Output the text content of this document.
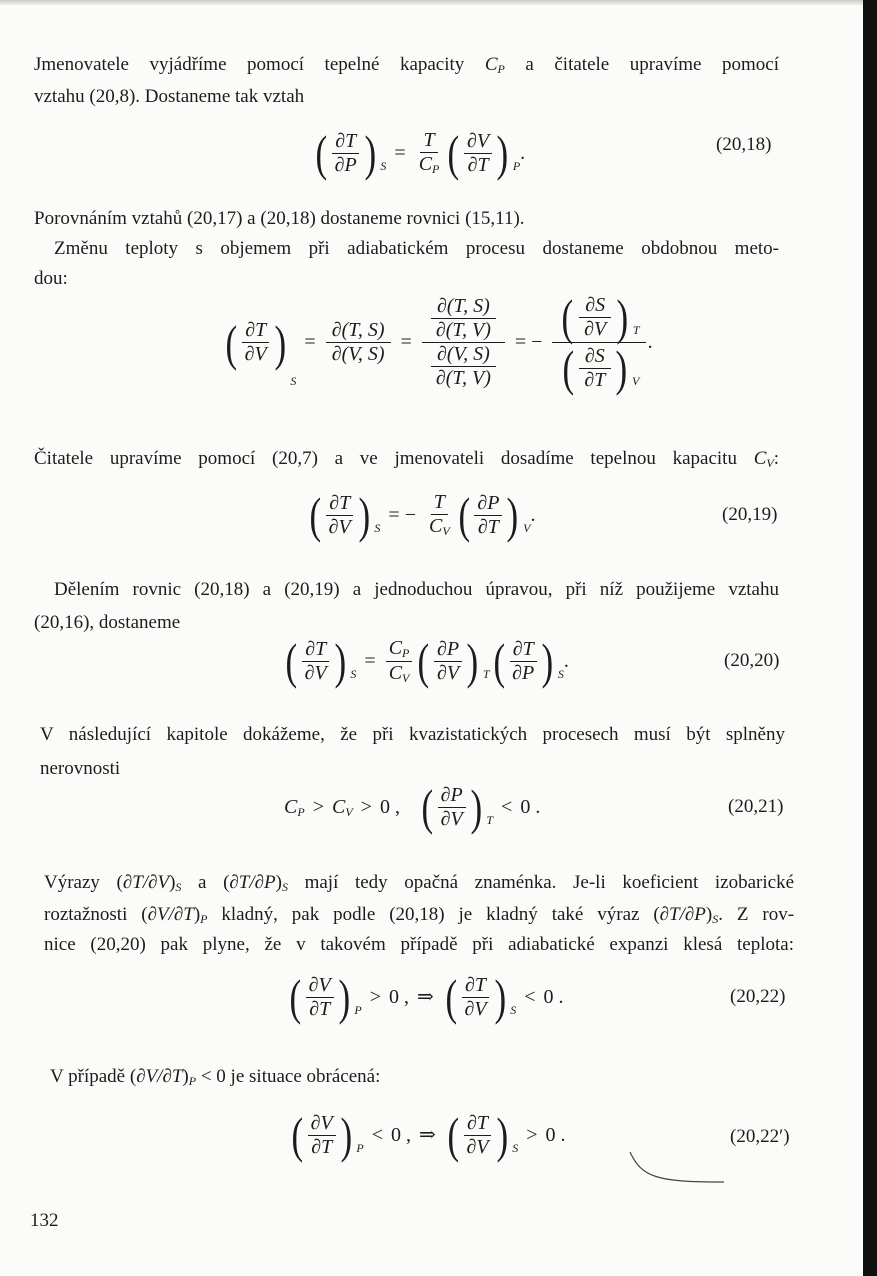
Jmenovatele vyjádříme pomocí tepelné kapacity CP a čitatele upravíme pomocí

vztahu (20,8). Dostaneme tak vztah

( $\frac{\partial T}{\partial P}$ ) S
= $\frac{T}{CP}$ ( $\frac{\partial V}{\partial T}$ ) P
.	(20,18)

Porovnáním vztahů (20,17) a (20,18) dostaneme rovnici (15,11).

Změnu teploty s objemem při adiabatickém procesu dostaneme obdobnou meto-

dou:

( $\frac{\partial T}{\partial V}$ )
S
= $\frac{\partial(T, S)}{\partial(V, S)} = \frac{\frac{\partial(T, S)}{\partial(T, V)}}{\frac{\partial(V, S)}{\partial(T, V)}}$ = − $\frac{( \frac{\partial S}{\partial V} ) T}{( \frac{\partial S}{\partial T} ) V}$ .

Čitatele upravíme pomocí (20,7) a ve jmenovateli dosadíme tepelnou kapacitu CV:

( $\frac{\partial T}{\partial V}$ ) S
= − $\frac{T}{CV}$ ( $\frac{\partial P}{\partial T}$ ) V
.	(20,19)

Dělením rovnic (20,18) a (20,19) a jednoduchou úpravou, při níž použijeme vztahu

(20,16), dostaneme

( $\frac{\partial T}{\partial V}$ ) S
= $\frac{CP}{CV}$ ( $\frac{\partial P}{\partial V}$ ) T ( $\frac{\partial T}{\partial P}$ ) S
.	(20,20)

V následující kapitole dokážeme, že při kvazistatických procesech musí být splněny

nerovnosti

CP > CV > 0 , ( $\frac{\partial P}{\partial V}$ ) T
< 0 .	(20,21)

Výrazy (∂T/∂V)S a (∂T/∂P)S mají tedy opačná znaménka. Je-li koeficient izobarické

roztažnosti (∂V/∂T)P kladný, pak podle (20,18) je kladný také výraz (∂T/∂P)S. Z rov-

nice (20,20) pak plyne, že v takovém případě při adiabatické expanzi klesá teplota:

( $\frac{\partial V}{\partial T}$ ) P
> 0 , ⇒ ( $\frac{\partial T}{\partial V}$ ) S
< 0 .	(20,22)

V případě (∂V/∂T)P < 0 je situace obrácená:

( $\frac{\partial V}{\partial T}$ ) P
< 0 , ⇒ ( $\frac{\partial T}{\partial V}$ ) S
> 0 .	(20,22′)
132
